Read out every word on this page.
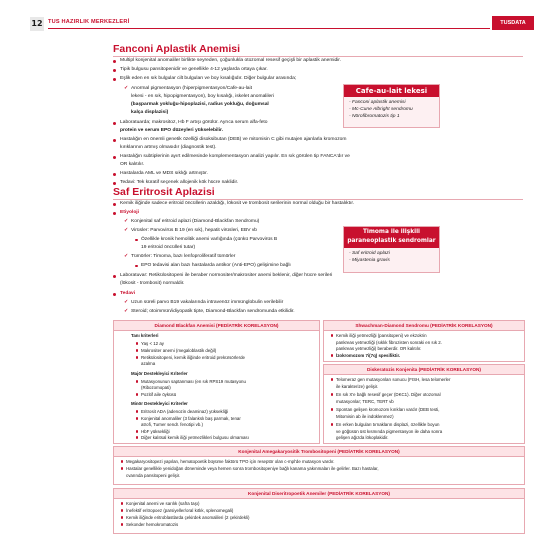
12 TUS HAZIRLIK MERKEZLERİ	TUSDATA
Fanconi Aplastik Anemisi
Multipl konjenital anomaliler birlikte seyreden, çoğunlukla otozomal resesif geçişli bir aplastik anemidir.
Tipik bulgusu pansitopenidir ve genellikle 4-12 yaşlarda ortaya çıkar.
Eşlik eden en sık bulgular cilt bulguları ve boy kısalığıdır. Diğer bulgular arasında;
✓ Anormal pigmentasyon (hiperpigmentasyon/Cafe-au-lait
lekesi - en sık, hipopigmentasyon), boy kısalığı, iskelet anomalileri
(başparmak yokluğu-hipoplazisi, radius yokluğu, doğumsal
kalça displazisi)
Laboratuarda; makrositoz, Hb F artışı görülür. Ayrıca serum alfa-feto
protein ve serum EPO düzeyleri yükselebilir.
Hastalığın en önemli genetik özelliği disoksibutan (DEB) ve mitomisin C gibi mutajen ajanlarla kromozom
kırıklarının artmış olmasıdır (diagnostik test).
Hastalığın subtiplerinin ayırt edilmesinde komplementasyon analizi yapılır. En sık görülen tip FANCA'dır ve
OR kalıtılır.
Hastalarda AML ve MDS sıklığı artmıştır.
Tedavi: Tek küratif seçenek allojenik kök hücre naklidir.
Cafe-au-lait lekesi
- Fanconi aplastik anemisi
- Mc-Cune Albright sendromu
- Nörofibromatozis tip 1
Saf Eritrosit Aplazisi
Kemik iliğinde sadece eritroid öncüllerin azaldığı, lökosit ve trombosit serilerinin normal olduğu bir hastalıktır.
Etiyoloji
✓ Konjenital saf eritroid aplazi (Diamond-Blackfan Sendromu)
✓ Virüsler: Parvovirüs B 19 (en sık), hepatit virüsleri, EBV vb
Özellikle kronik hemolitik anemi varlığında (çünkü Parvovirüs B
19 eritroid öncülleri tutar)
✓ Tümörler: Timoma, bazı lenfoproliferatif tümörler
EPO tedavisi alan bazı hastalarda antikor (Anti-EPO) gelişimine bağlı
Laboratuvar: Retikülositopeni ile beraber normositer/makrositer anemi beklenir, diğer hücre serileri
(lökosit - trombosit) normaldir.
Tedavi
✓ Uzun süreli parvo B19 vakalarında intravenöz immünglobulin verilebilir
✓ Steroid; otoimmün/idiyopatik tipte, Diamond-Blackfan sendromunda etkilidir.
Timoma ile ilişkili paraneoplastik sendromlar
- Saf eritroid aplazi
- Miyastenia gravis
Diamond Blackfan Anemisi (PEDİATRİK KORELASYON)
Tanı kriterleri
Yaş < 12 ay
Makrositer anemi (megaloblastik değil)
Retikülositopeni, kemik iliğinde eritroid prekürsörlerde
azalma
Majör Destekleyici Kriterler
Mutasyonunun saptanması (en sık RPS19 mutasyonu
(Ribozomopati)
Pozitif aile öyküsü
Minör Destekleyici Kriterler
Eritrosit ADA (adenozin deaminaz) yüksekliği
Konjenital anomaliler (3 falankslı baş parmak, tenar
atrofi, Turner sendr. fenotipi vb.)
HbF yüksekliği
Diğer kalıtsal kemik iliği yetmezlikleri bulgusu olmaması
Shwachman-Diamond Sendromu (PEDİATRİK KORELASYON)
Kemik iliği yetmezliği (pansitopeni) ve ekzokrin
pankreas yetmezliği (sıklık fibrozisten sonraki en sık 2.
pankreas yetmezliği) beraberdir. OR kalıtılır.
İzokromozom 7i(7q) spesifiktir.
Diskeratozis Konjenita (PEDİATRİK KORELASYON)
Telomeraz gen mutasyonları sonucu (FISH, lesa telomerler
ile karakterize) gelişir.
En sık X'e bağlı resesif geçer (DKC1). Diğer otozomal
mutasyonlar; TERC, TERT vb
Spontan gelişen kromozom kırıkları vardır (DEB testi,
Mitomisin ab ile indüklenmez)
En erken bulguları tırnakların displazi, özellikle boyun
ve göğüsün üst kısmında pigmentasyon ile daha sonra
gelişen ağızda lökoplakidir.
Konjenital Amegakaryositik Trombositopeni (PEDİATRİK KORELASYON)
Megakaryositopezi yapılan, hematopoetik büyüme faktörü TPO için reseptör olan c-mpl'de mutasyon vardır.
Hastalar genellikle yenidoğan döneminde veya hemen sonra trombositopeniye bağlı kanama yakınmaları ile gelirler. Bazı hastalar,
cvarında pansitopeni gelişir.
Konjenital Diseritropoetik Anemiler (PEDİATRİK KORELASYON)
Konjenital anemi ve sarılık (safra taşı)
İnefektif eritropoez (parsiyeller/oral kıtlık, splenomegali)
Kemik iliğinde eritroblastlarda çekirdek anomalileri (2 çekirdekli)
Sekonder hemokromatozis
